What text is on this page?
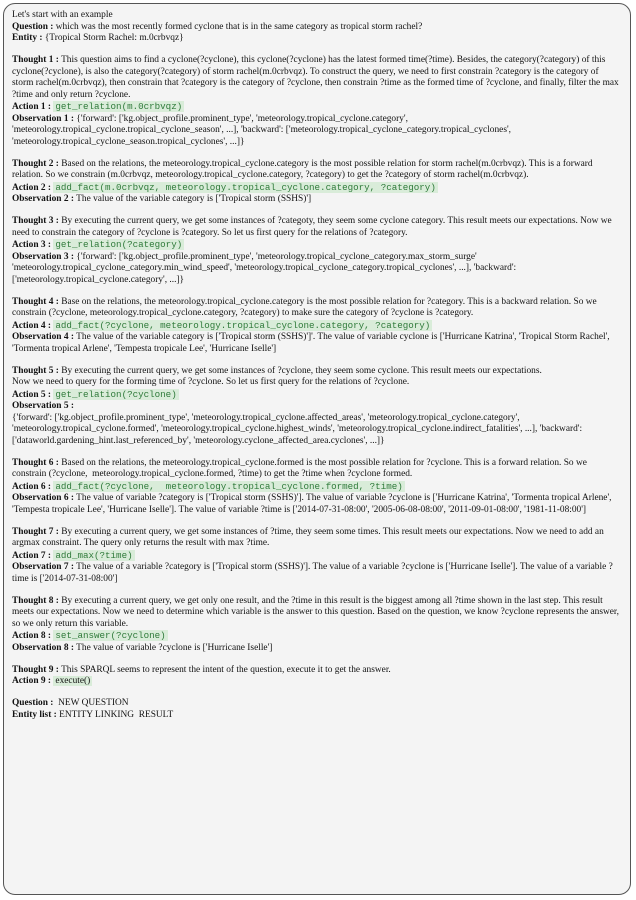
Let's start with an example
Question : which was the most recently formed cyclone that is in the same category as tropical storm rachel?
Entity : {Tropical Storm Rachel: m.0crbvqz}
Thought 1 : This question aims to find a cyclone(?cyclone), this cyclone(?cyclone) has the latest formed time(?time). Besides, the category(?category) of this cyclone(?cyclone), is also the category(?category) of storm rachel(m.0crbvqz). To construct the query, we need to first constrain ?category is the category of storm rachel(m.0crbvqz), then constrain that ?category is the category of ?cyclone, then constrain ?time as the formed time of ?cyclone, and finally, filter the max ?time and only return ?cyclone.
Action 1 : get_relation(m.0crbvqz)
Observation 1 : {'forward': ['kg.object_profile.prominent_type', 'meteorology.tropical_cyclone.category', 'meteorology.tropical_cyclone.tropical_cyclone_season', ...], 'backward': ['meteorology.tropical_cyclone_category.tropical_cyclones', 'meteorology.tropical_cyclone_season.tropical_cyclones', ...]}
Thought 2 : Based on the relations, the meteorology.tropical_cyclone.category is the most possible relation for storm rachel(m.0crbvqz). This is a forward relation. So we constrain (m.0crbvqz, meteorology.tropical_cyclone.category, ?category) to get the ?category of storm rachel(m.0crbvqz).
Action 2 : add_fact(m.0crbvqz, meteorology.tropical_cyclone.category, ?category)
Observation 2 : The value of the variable category is ['Tropical storm (SSHS)']
Thought 3 : By executing the current query, we get some instances of ?categoty, they seem some cyclone category. This result meets our expectations. Now we need to constrain the category of ?cyclone is ?category. So let us first query for the relations of ?category.
Action 3 : get_relation(?category)
Observation 3 : {'forward': ['kg.object_profile.prominent_type', 'meteorology.tropical_cyclone_category.max_storm_surge' 'meteorology.tropical_cyclone_category.min_wind_speed', 'meteorology.tropical_cyclone_category.tropical_cyclones', ...], 'backward': ['meteorology.tropical_cyclone.category', ...]}
Thought 4 : Base on the relations, the meteorology.tropical_cyclone.category is the most possible relation for ?category. This is a backward relation. So we constrain (?cyclone, meteorology.tropical_cyclone.category, ?category) to make sure the category of ?cyclone is ?category.
Action 4 : add_fact(?cyclone, meteorology.tropical_cyclone.category, ?category)
Observation 4 : The value of the variable category is ['Tropical storm (SSHS)']'. The value of variable cyclone is ['Hurricane Katrina', 'Tropical Storm Rachel', 'Tormenta tropical Arlene', 'Tempesta tropicale Lee', 'Hurricane Iselle']
Thought 5 : By executing the current query, we get some instances of ?cyclone, they seem some cyclone. This result meets our expectations.
Now we need to query for the forming time of ?cyclone. So let us first query for the relations of ?cyclone.
Action 5 : get_relation(?cyclone)
Observation 5 :
{'forward': ['kg.object_profile.prominent_type', 'meteorology.tropical_cyclone.affected_areas', 'meteorology.tropical_cyclone.category', 'meteorology.tropical_cyclone.formed', 'meteorology.tropical_cyclone.highest_winds', 'meteorology.tropical_cyclone.indirect_fatalities', ...], 'backward': ['dataworld.gardening_hint.last_referenced_by', 'meteorology.cyclone_affected_area.cyclones', ...]}
Thought 6 : Based on the relations, the meteorology.tropical_cyclone.formed is the most possible relation for ?cyclone. This is a forward relation. So we constrain (?cyclone,  meteorology.tropical_cyclone.formed, ?time) to get the ?time when ?cyclone formed.
Action 6 : add_fact(?cyclone,  meteorology.tropical_cyclone.formed, ?time)
Observation 6 : The value of variable ?category is ['Tropical storm (SSHS)']. The value of variable ?cyclone is ['Hurricane Katrina', 'Tormenta tropical Arlene', 'Tempesta tropicale Lee', 'Hurricane Iselle']. The value of variable ?time is ['2014-07-31-08:00', '2005-06-08-08:00', '2011-09-01-08:00', '1981-11-08:00']
Thought 7 : By executing a current query, we get some instances of ?time, they seem some times. This result meets our expectations. Now we need to add an argmax constraint. The query only returns the result with max ?time.
Action 7 : add_max(?time)
Observation 7 : The value of a variable ?category is ['Tropical storm (SSHS)']. The value of a variable ?cyclone is ['Hurricane Iselle']. The value of a variable ?time is ['2014-07-31-08:00']
Thought 8 : By executing a current query, we get only one result, and the ?time in this result is the biggest among all ?time shown in the last step. This result meets our expectations. Now we need to determine which variable is the answer to this question. Based on the question, we know ?cyclone represents the answer, so we only return this variable.
Action 8 : set_answer(?cyclone)
Observation 8 : The value of variable ?cyclone is ['Hurricane Iselle']
Thought 9 : This SPARQL seems to represent the intent of the question, execute it to get the answer.
Action 9 : execute()
Question :  NEW QUESTION
Entity list : ENTITY LINKING  RESULT
